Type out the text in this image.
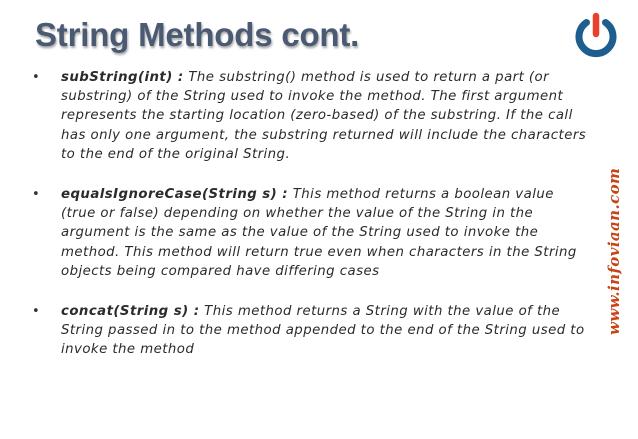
String Methods cont.
• subString(int) : The substring() method is used to return a part (or substring) of the String used to invoke the method. The first argument represents the starting location (zero-based) of the substring. If the call has only one argument, the substring returned will include the characters to the end of the original String.
• equalsIgnoreCase(String s) : This method returns a boolean value (true or false) depending on whether the value of the String in the argument is the same as the value of the String used to invoke the method. This method will return true even when characters in the String objects being compared have differing cases
• concat(String s) : This method returns a String with the value of the String passed in to the method appended to the end of the String used to invoke the method
www.infoviaan.com
